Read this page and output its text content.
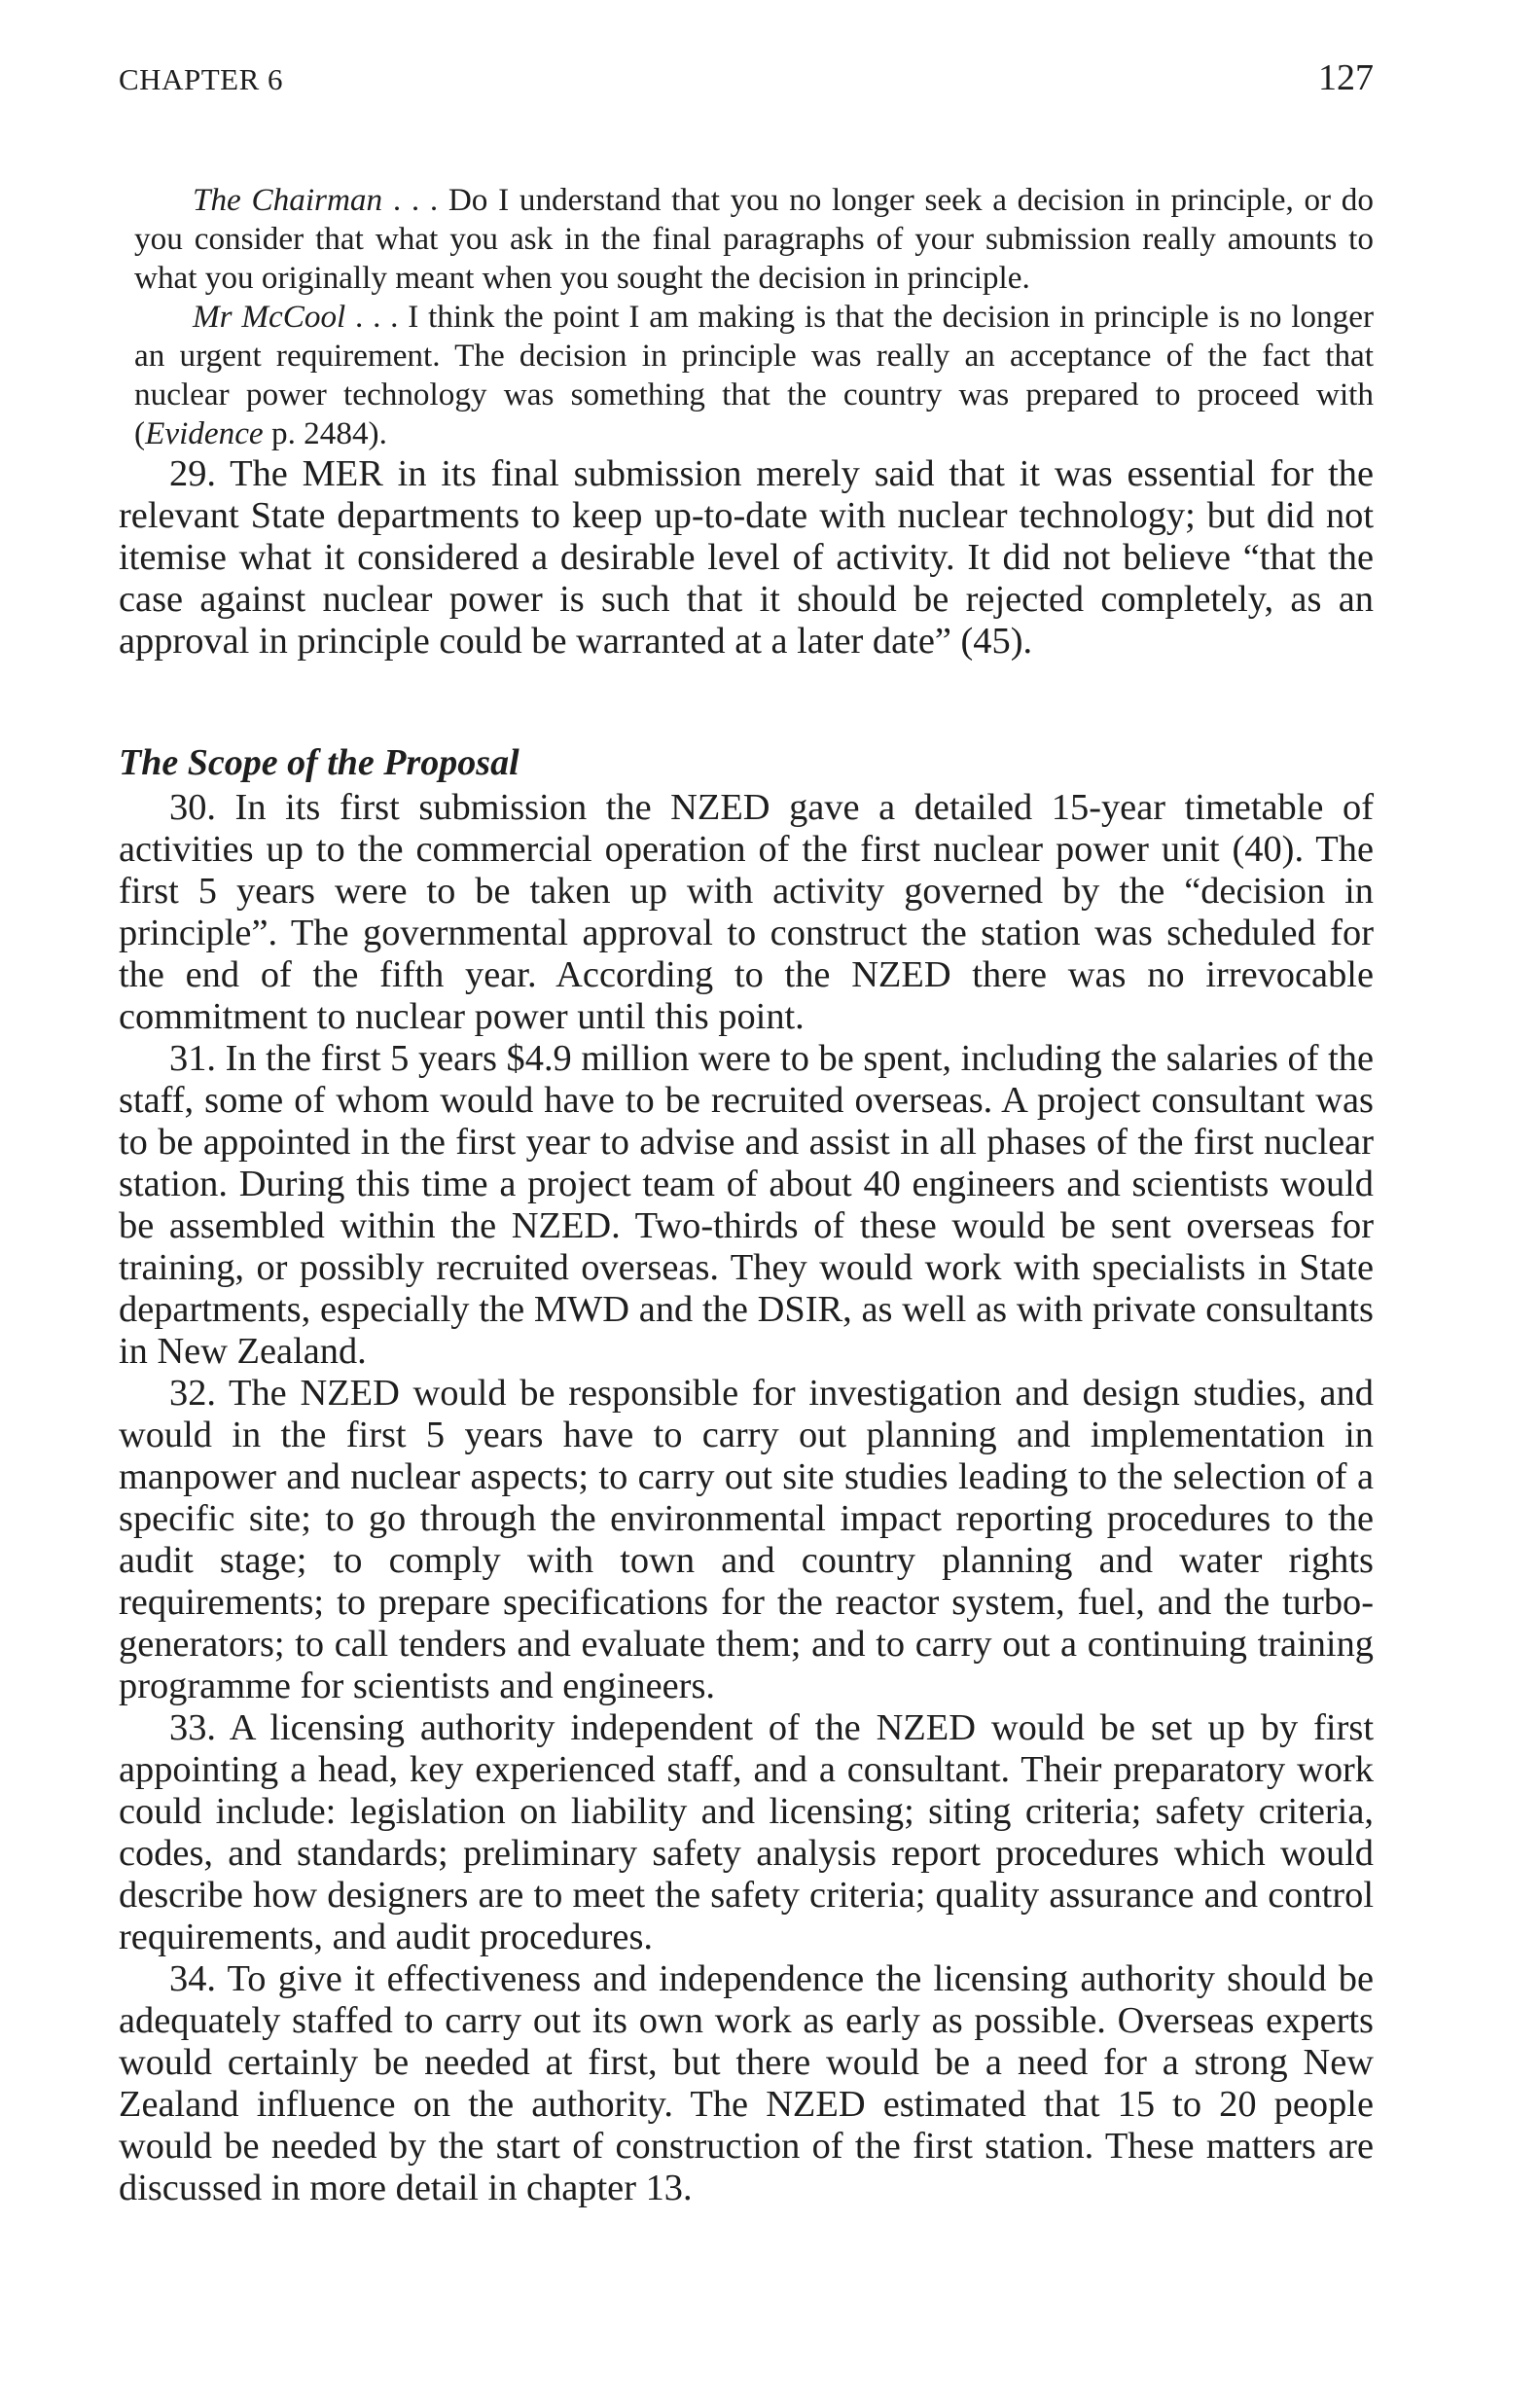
CHAPTER 6	127

The Chairman . . . Do I understand that you no longer seek a decision in principle, or do you consider that what you ask in the final paragraphs of your submission really amounts to what you originally meant when you sought the decision in principle.

Mr McCool . . . I think the point I am making is that the decision in principle is no longer an urgent requirement. The decision in principle was really an acceptance of the fact that nuclear power technology was something that the country was prepared to proceed with (Evidence p. 2484).

29. The MER in its final submission merely said that it was essential for the relevant State departments to keep up-to-date with nuclear technology; but did not itemise what it considered a desirable level of activity. It did not believe “that the case against nuclear power is such that it should be rejected completely, as an approval in principle could be warranted at a later date” (45).

The Scope of the Proposal

30. In its first submission the NZED gave a detailed 15-year timetable of activities up to the commercial operation of the first nuclear power unit (40). The first 5 years were to be taken up with activity governed by the “decision in principle”. The governmental approval to construct the station was scheduled for the end of the fifth year. According to the NZED there was no irrevocable commitment to nuclear power until this point.

31. In the first 5 years $4.9 million were to be spent, including the salaries of the staff, some of whom would have to be recruited overseas. A project consultant was to be appointed in the first year to advise and assist in all phases of the first nuclear station. During this time a project team of about 40 engineers and scientists would be assembled within the NZED. Two-thirds of these would be sent overseas for training, or possibly recruited overseas. They would work with specialists in State departments, especially the MWD and the DSIR, as well as with private consultants in New Zealand.

32. The NZED would be responsible for investigation and design studies, and would in the first 5 years have to carry out planning and implementation in manpower and nuclear aspects; to carry out site studies leading to the selection of a specific site; to go through the environmental impact reporting procedures to the audit stage; to comply with town and country planning and water rights requirements; to prepare specifications for the reactor system, fuel, and the turbo-generators; to call tenders and evaluate them; and to carry out a continuing training programme for scientists and engineers.

33. A licensing authority independent of the NZED would be set up by first appointing a head, key experienced staff, and a consultant. Their preparatory work could include: legislation on liability and licensing; siting criteria; safety criteria, codes, and standards; preliminary safety analysis report procedures which would describe how designers are to meet the safety criteria; quality assurance and control requirements, and audit procedures.

34. To give it effectiveness and independence the licensing authority should be adequately staffed to carry out its own work as early as possible. Overseas experts would certainly be needed at first, but there would be a need for a strong New Zealand influence on the authority. The NZED estimated that 15 to 20 people would be needed by the start of construction of the first station. These matters are discussed in more detail in chapter 13.
